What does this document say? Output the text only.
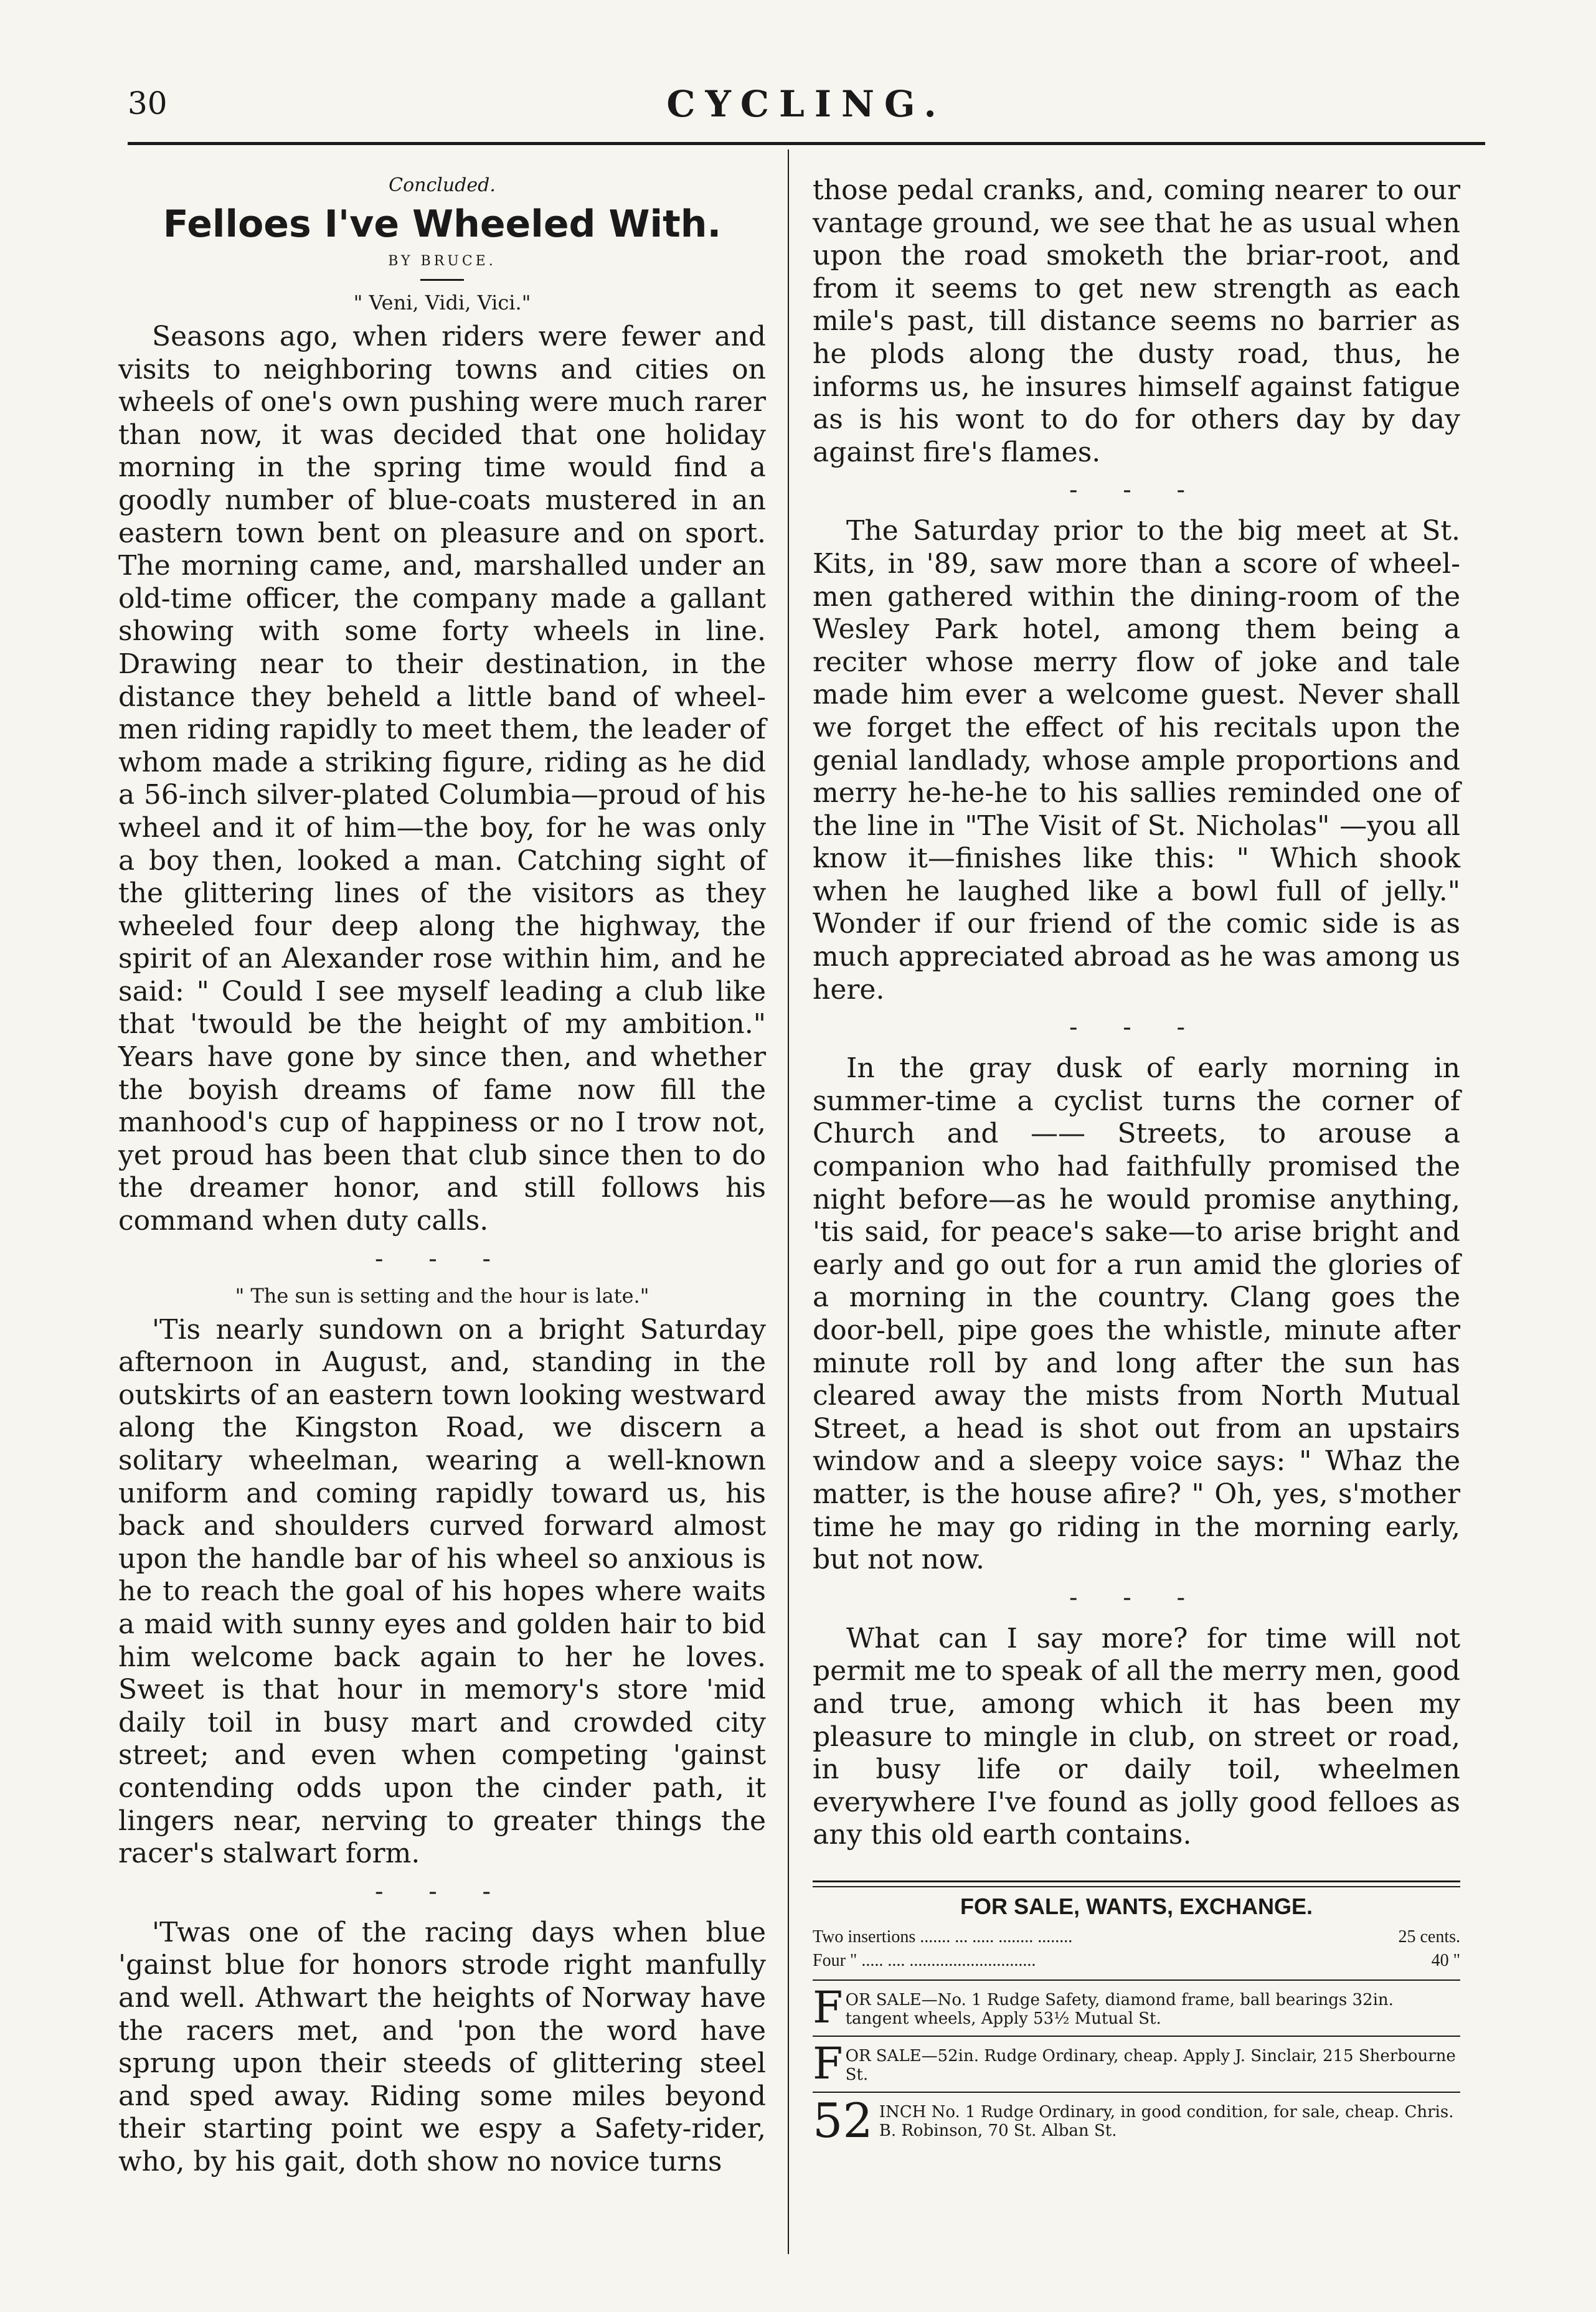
30	CYCLING.
Concluded.
Felloes I've Wheeled With.
BY BRUCE.
" Veni, Vidi, Vici."

Seasons ago, when riders were fewer and visits to neighboring towns and cities on wheels of one's own pushing were much rarer than now, it was decided that one holiday morning in the spring time would find a goodly number of blue-coats mustered in an eastern town bent on pleasure and on sport. The morning came, and, marshalled under an old-time officer, the company made a gallant showing with some forty wheels in line. Drawing near to their destination, in the distance they beheld a little band of wheel-men riding rapidly to meet them, the leader of whom made a striking figure, riding as he did a 56-inch silver-plated Columbia—proud of his wheel and it of him—the boy, for he was only a boy then, looked a man. Catching sight of the glittering lines of the visitors as they wheeled four deep along the highway, the spirit of an Alexander rose within him, and he said: " Could I see myself leading a club like that 'twould be the height of my ambition." Years have gone by since then, and whether the boyish dreams of fame now fill the manhood's cup of happiness or no I trow not, yet proud has been that club since then to do the dreamer honor, and still follows his command when duty calls.

- - -
" The sun is setting and the hour is late."

'Tis nearly sundown on a bright Saturday afternoon in August, and, standing in the outskirts of an eastern town looking westward along the Kingston Road, we discern a solitary wheelman, wearing a well-known uniform and coming rapidly toward us, his back and shoulders curved forward almost upon the handle bar of his wheel so anxious is he to reach the goal of his hopes where waits a maid with sunny eyes and golden hair to bid him welcome back again to her he loves. Sweet is that hour in memory's store 'mid daily toil in busy mart and crowded city street; and even when competing 'gainst contending odds upon the cinder path, it lingers near, nerving to greater things the racer's stalwart form.

- - -

'Twas one of the racing days when blue 'gainst blue for honors strode right manfully and well. Athwart the heights of Norway have the racers met, and 'pon the word have sprung upon their steeds of glittering steel and sped away. Riding some miles beyond their starting point we espy a Safety-rider, who, by his gait, doth show no novice turns

those pedal cranks, and, coming nearer to our vantage ground, we see that he as usual when upon the road smoketh the briar-root, and from it seems to get new strength as each mile's past, till distance seems no barrier as he plods along the dusty road, thus, he informs us, he insures himself against fatigue as is his wont to do for others day by day against fire's flames.

- - -

The Saturday prior to the big meet at St. Kits, in '89, saw more than a score of wheel-men gathered within the dining-room of the Wesley Park hotel, among them being a reciter whose merry flow of joke and tale made him ever a welcome guest. Never shall we forget the effect of his recitals upon the genial landlady, whose ample proportions and merry he-he-he to his sallies reminded one of the line in "The Visit of St. Nicholas" —you all know it—finishes like this: " Which shook when he laughed like a bowl full of jelly." Wonder if our friend of the comic side is as much appreciated abroad as he was among us here.

- - -

In the gray dusk of early morning in summer-time a cyclist turns the corner of Church and —— Streets, to arouse a companion who had faithfully promised the night before—as he would promise anything, 'tis said, for peace's sake—to arise bright and early and go out for a run amid the glories of a morning in the country. Clang goes the door-bell, pipe goes the whistle, minute after minute roll by and long after the sun has cleared away the mists from North Mutual Street, a head is shot out from an upstairs window and a sleepy voice says: " Whaz the matter, is the house afire? " Oh, yes, s'mother time he may go riding in the morning early, but not now.

- - -

What can I say more? for time will not permit me to speak of all the merry men, good and true, among which it has been my pleasure to mingle in club, on street or road, in busy life or daily toil, wheelmen everywhere I've found as jolly good felloes as any this old earth contains.

FOR SALE, WANTS, EXCHANGE.
Two insertions ....... ... ..... ........ ........	25 cents.
Four " ..... .... .............................	40 "
F OR SALE—No. 1 Rudge Safety, diamond frame, ball bearings 32in. tangent wheels, Apply 53½ Mutual St.
F OR SALE—52in. Rudge Ordinary, cheap. Apply J. Sinclair, 215 Sherbourne St.
52 INCH No. 1 Rudge Ordinary, in good condition, for sale, cheap. Chris. B. Robinson, 70 St. Alban St.
